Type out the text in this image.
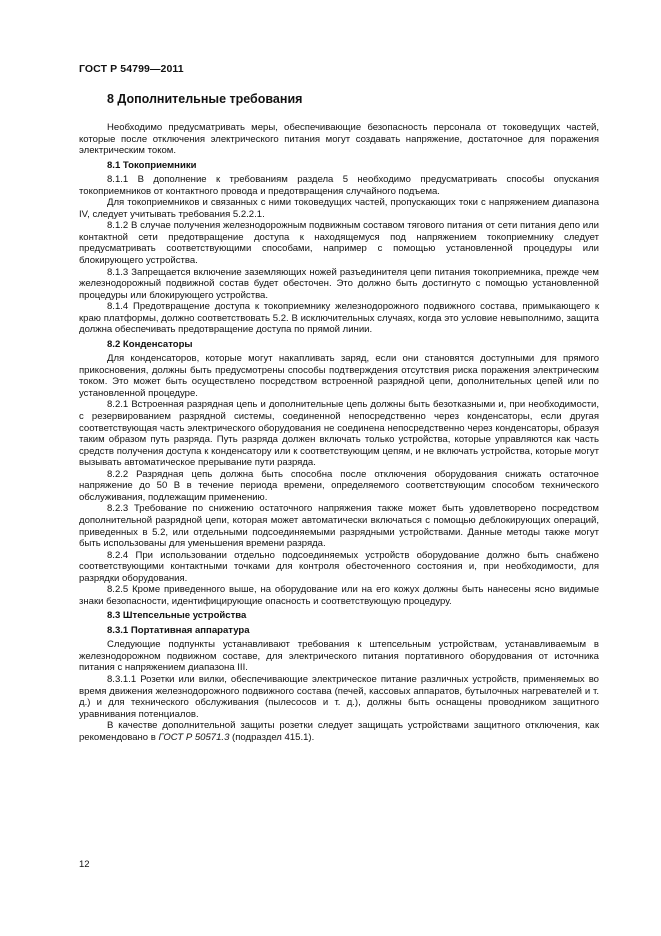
ГОСТ Р 54799—2011
8 Дополнительные требования

Необходимо предусматривать меры, обеспечивающие безопасность персонала от токоведущих частей, которые после отключения электрического питания могут создавать напряжение, достаточное для поражения электрическим током.

8.1 Токоприемники

8.1.1 В дополнение к требованиям раздела 5 необходимо предусматривать способы опускания токоприемников от контактного провода и предотвращения случайного подъема.

Для токоприемников и связанных с ними токоведущих частей, пропускающих токи с напряжением диапазона IV, следует учитывать требования 5.2.2.1.

8.1.2 В случае получения железнодорожным подвижным составом тягового питания от сети питания депо или контактной сети предотвращение доступа к находящемуся под напряжением токоприемнику следует предусматривать соответствующими способами, например с помощью установленной процедуры или блокирующего устройства.

8.1.3 Запрещается включение заземляющих ножей разъединителя цепи питания токоприемника, прежде чем железнодорожный подвижной состав будет обесточен. Это должно быть достигнуто с помощью установленной процедуры или блокирующего устройства.

8.1.4 Предотвращение доступа к токоприемнику железнодорожного подвижного состава, примыкающего к краю платформы, должно соответствовать 5.2. В исключительных случаях, когда это условие невыполнимо, защита должна обеспечивать предотвращение доступа по прямой линии.

8.2 Конденсаторы

Для конденсаторов, которые могут накапливать заряд, если они становятся доступными для прямого прикосновения, должны быть предусмотрены способы подтверждения отсутствия риска поражения электрическим током. Это может быть осуществлено посредством встроенной разрядной цепи, дополнительных цепей или по установленной процедуре.

8.2.1 Встроенная разрядная цепь и дополнительные цепь должны быть безотказными и, при необходимости, с резервированием разрядной системы, соединенной непосредственно через конденсаторы, если другая соответствующая часть электрического оборудования не соединена непосредственно через конденсаторы, образуя таким образом путь разряда. Путь разряда должен включать только устройства, которые управляются как часть средств получения доступа к конденсатору или к соответствующим цепям, и не включать устройства, которые могут вызывать автоматическое прерывание пути разряда.

8.2.2 Разрядная цепь должна быть способна после отключения оборудования снижать остаточное напряжение до 50 В в течение периода времени, определяемого соответствующим способом технического обслуживания, подлежащим применению.

8.2.3 Требование по снижению остаточного напряжения также может быть удовлетворено посредством дополнительной разрядной цепи, которая может автоматически включаться с помощью деблокирующих операций, приведенных в 5.2, или отдельными подсоединяемыми разрядными устройствами. Данные методы также могут быть использованы для уменьшения времени разряда.

8.2.4 При использовании отдельно подсоединяемых устройств оборудование должно быть снабжено соответствующими контактными точками для контроля обесточенного состояния и, при необходимости, для разрядки оборудования.

8.2.5 Кроме приведенного выше, на оборудование или на его кожух должны быть нанесены ясно видимые знаки безопасности, идентифицирующие опасность и соответствующую процедуру.

8.3 Штепсельные устройства
8.3.1 Портативная аппаратура

Следующие подпункты устанавливают требования к штепсельным устройствам, устанавливаемым в железнодорожном подвижном составе, для электрического питания портативного оборудования от источника питания с напряжением диапазона III.

8.3.1.1 Розетки или вилки, обеспечивающие электрическое питание различных устройств, применяемых во время движения железнодорожного подвижного состава (печей, кассовых аппаратов, бутылочных нагревателей и т. д.) и для технического обслуживания (пылесосов и т. д.), должны быть оснащены проводником защитного уравнивания потенциалов.

В качестве дополнительной защиты розетки следует защищать устройствами защитного отключения, как рекомендовано в ГОСТ Р 50571.3 (подраздел 415.1).

12
